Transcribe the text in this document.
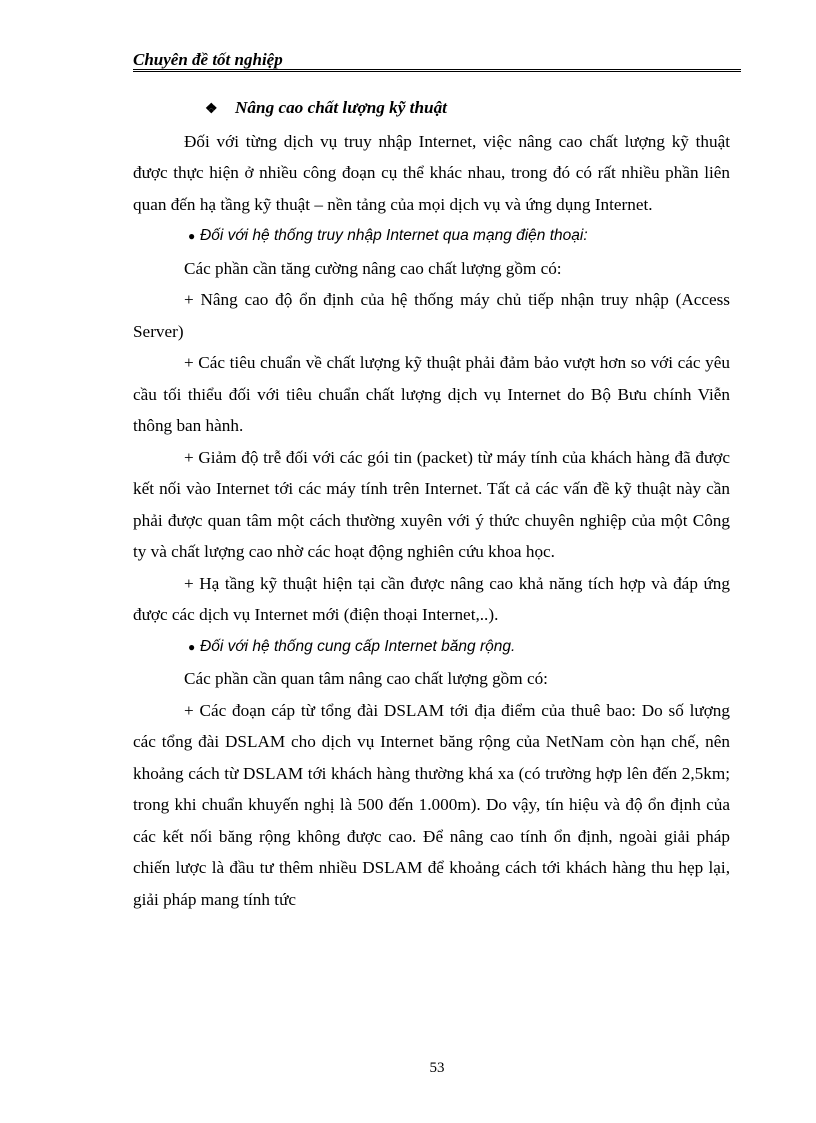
Chuyên đề tốt nghiệp

❖ Nâng cao chất lượng kỹ thuật

Đối với từng dịch vụ truy nhập Internet, việc nâng cao chất lượng kỹ thuật được thực hiện ở nhiều công đoạn cụ thể khác nhau, trong đó có rất nhiều phần liên quan đến hạ tầng kỹ thuật – nền tảng của mọi dịch vụ và ứng dụng Internet.

● Đối với hệ thống truy nhập Internet qua mạng điện thoại:

Các phần cần tăng cường nâng cao chất lượng gồm có:

+ Nâng cao độ ổn định của hệ thống máy chủ tiếp nhận truy nhập (Access Server)

+ Các tiêu chuẩn về chất lượng kỹ thuật phải đảm bảo vượt hơn so với các yêu cầu tối thiểu đối với tiêu chuẩn chất lượng dịch vụ Internet do Bộ Bưu chính Viễn thông ban hành.

+ Giảm độ trễ đối với các gói tin (packet) từ máy tính của khách hàng đã được kết nối vào Internet tới các máy tính trên Internet. Tất cả các vấn đề kỹ thuật này cần phải được quan tâm một cách thường xuyên với ý thức chuyên nghiệp của một Công ty và chất lượng cao nhờ các hoạt động nghiên cứu khoa học.

+ Hạ tầng kỹ thuật hiện tại cần được nâng cao khả năng tích hợp và đáp ứng được các dịch vụ Internet mới (điện thoại Internet,..).

● Đối với hệ thống cung cấp Internet băng rộng.

Các phần cần quan tâm nâng cao chất lượng gồm có:

+ Các đoạn cáp từ tổng đài DSLAM tới địa điểm của thuê bao: Do số lượng các tổng đài DSLAM cho dịch vụ Internet băng rộng của NetNam còn hạn chế, nên khoảng cách từ DSLAM tới khách hàng thường khá xa (có trường hợp lên đến 2,5km; trong khi chuẩn khuyến nghị là 500 đến 1.000m). Do vậy, tín hiệu và độ ổn định của các kết nối băng rộng không được cao. Để nâng cao tính ổn định, ngoài giải pháp chiến lược là đầu tư thêm nhiều DSLAM để khoảng cách tới khách hàng thu hẹp lại, giải pháp mang tính tức

53
